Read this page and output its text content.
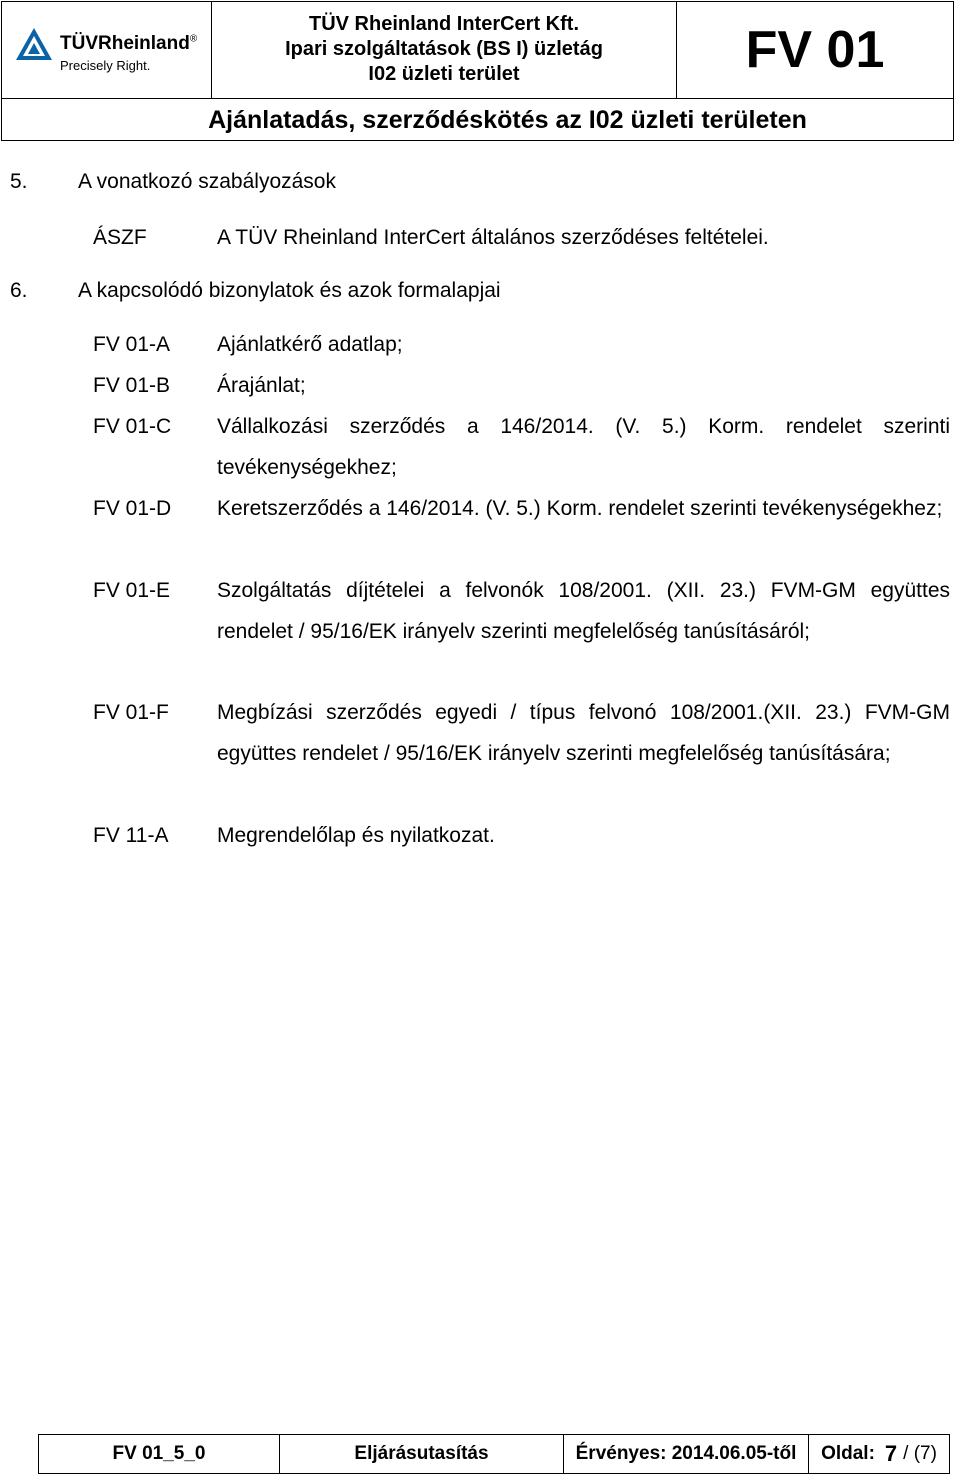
TÜVRheinland®
Precisely Right.
TÜV Rheinland InterCert Kft.
Ipari szolgáltatások (BS I) üzletág
I02 üzleti terület	FV 01
Ajánlatadás, szerződéskötés az I02 üzleti területen
5. A vonatkozó szabályozások
ÁSZF	A TÜV Rheinland InterCert általános szerződéses feltételei.
6. A kapcsolódó bizonylatok és azok formalapjai
FV 01-A Ajánlatkérő adatlap;
FV 01-B Árajánlat;
FV 01-C Vállalkozási szerződés a 146/2014. (V. 5.) Korm. rendelet szerinti tevékenységekhez;
FV 01-D Keretszerződés a 146/2014. (V. 5.) Korm. rendelet szerinti tevékenységekhez;
FV 01-E Szolgáltatás díjtételei a felvonók 108/2001. (XII. 23.) FVM-GM együttes rendelet / 95/16/EK irányelv szerinti megfelelőség tanúsításáról;
FV 01-F Megbízási szerződés egyedi / típus felvonó 108/2001.(XII. 23.) FVM-GM együttes rendelet / 95/16/EK irányelv szerinti megfelelőség tanúsítására;
FV 11-A Megrendelőlap és nyilatkozat.
FV 01_5_0	Eljárásutasítás	Érvényes: 2014.06.05-től	Oldal: 7 / (7)
